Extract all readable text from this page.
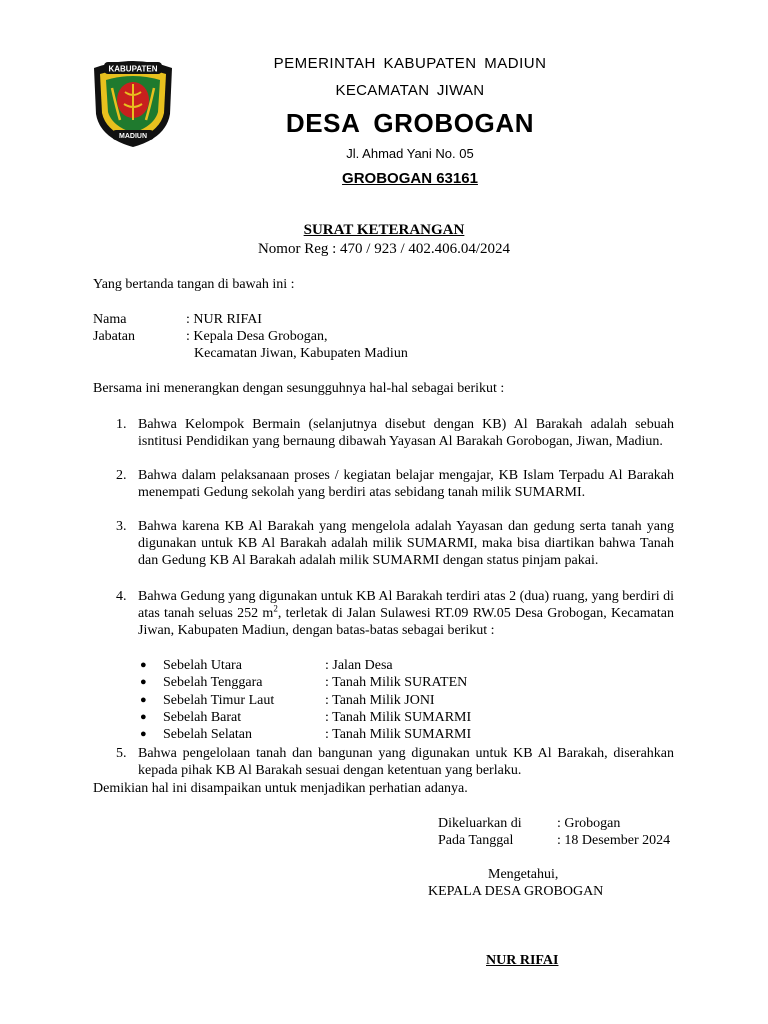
KABUPATEN
MADIUN
PEMERINTAH KABUPATEN MADIUN
KECAMATAN JIWAN
DESA GROBOGAN
Jl. Ahmad Yani No. 05
GROBOGAN 63161
SURAT KETERANGAN
Nomor Reg : 470 / 923 / 402.406.04/2024
Yang bertanda tangan di bawah ini :
Nama	: NUR RIFAI
Jabatan	: Kepala Desa Grobogan,
Kecamatan Jiwan, Kabupaten Madiun
Bersama ini menerangkan dengan sesungguhnya hal-hal sebagai berikut :
1. Bahwa Kelompok Bermain (selanjutnya disebut dengan KB) Al Barakah adalah sebuah isntitusi Pendidikan yang bernaung dibawah Yayasan Al Barakah Gorobogan, Jiwan, Madiun.
2. Bahwa dalam pelaksanaan proses / kegiatan belajar mengajar, KB Islam Terpadu Al Barakah menempati Gedung sekolah yang berdiri atas sebidang tanah milik SUMARMI.
3. Bahwa karena KB Al Barakah yang mengelola adalah Yayasan dan gedung serta tanah yang digunakan untuk KB Al Barakah adalah milik SUMARMI, maka bisa diartikan bahwa Tanah dan Gedung KB Al Barakah adalah milik SUMARMI dengan status pinjam pakai.
4. Bahwa Gedung yang digunakan untuk KB Al Barakah terdiri atas 2 (dua) ruang, yang berdiri di atas tanah seluas 252 $m^2$, terletak di Jalan Sulawesi RT.09 RW.05 Desa Grobogan, Kecamatan Jiwan, Kabupaten Madiun, dengan batas-batas sebagai berikut :
● Sebelah Utara	: Jalan Desa
● Sebelah Tenggara	: Tanah Milik SURATEN
● Sebelah Timur Laut	: Tanah Milik JONI
● Sebelah Barat	: Tanah Milik SUMARMI
● Sebelah Selatan	: Tanah Milik SUMARMI
5. Bahwa pengelolaan tanah dan bangunan yang digunakan untuk KB Al Barakah, diserahkan kepada pihak KB Al Barakah sesuai dengan ketentuan yang berlaku.
Demikian hal ini disampaikan untuk menjadikan perhatian adanya.
Dikeluarkan di	: Grobogan
Pada Tanggal	: 18 Desember 2024
Mengetahui,
KEPALA DESA GROBOGAN
NUR RIFAI
